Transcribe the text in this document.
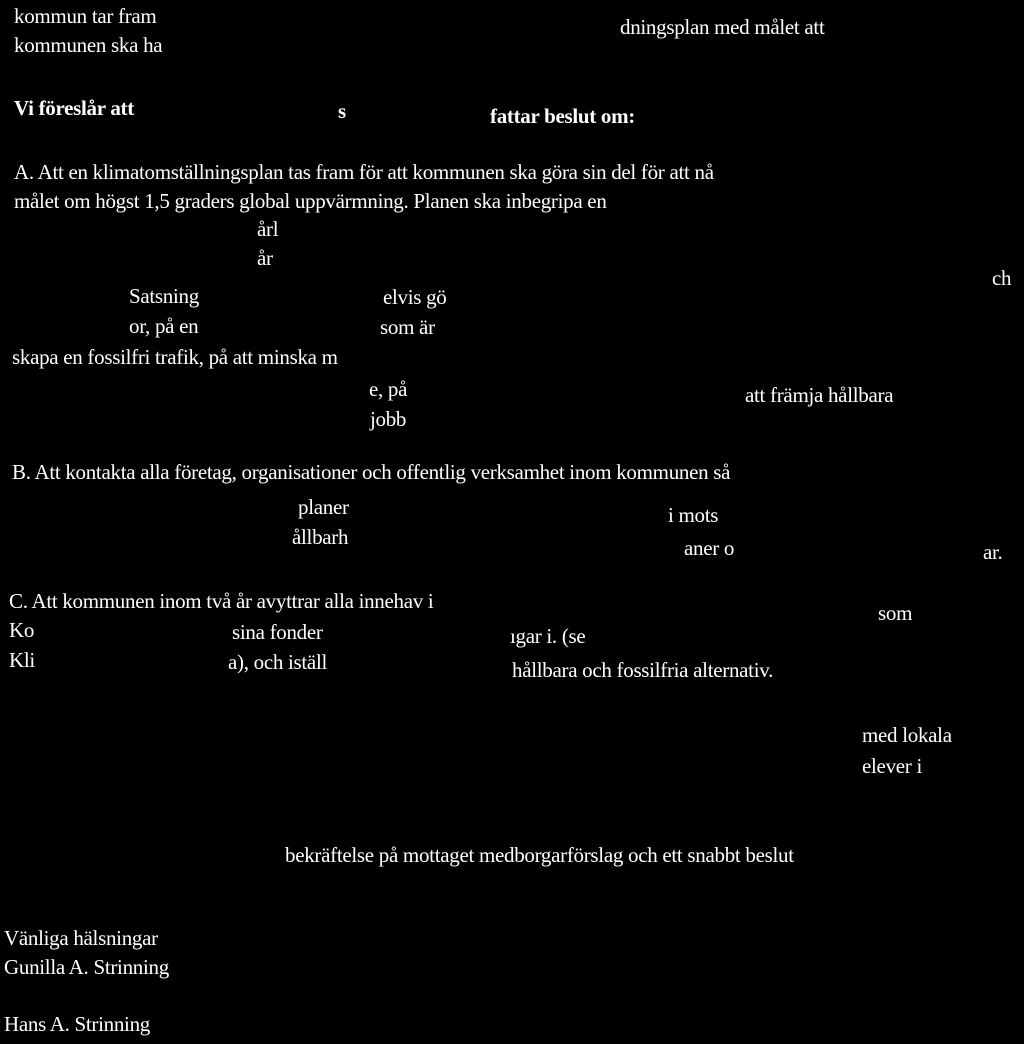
kommun tar fram	dningsplan med målet att
kommunen ska ha
Vi föreslår att	s	fattar beslut om:
A. Att en klimatomställningsplan tas fram för att kommunen ska göra sin del för att nå
målet om högst 1,5 graders global uppvärmning. Planen ska inbegripa en
årl
år
ch
Satsning	elvis gö
or, på en	som är
skapa en fossilfri trafik, på att minska m
e, på	att främja hållbara
jobb
B. Att kontakta alla företag, organisationer och offentlig verksamhet inom kommunen så
planer	i mots
ållbarh	aner o	ar.
C. Att kommunen inom två år avyttrar alla innehav i	som
Ko	sina fonder	ıgar i. (se
Kli	a), och iställ	hållbara och fossilfria alternativ.
med lokala
elever i
bekräftelse på mottaget medborgarförslag och ett snabbt beslut
Vänliga hälsningar
Gunilla A. Strinning
Hans A. Strinning
